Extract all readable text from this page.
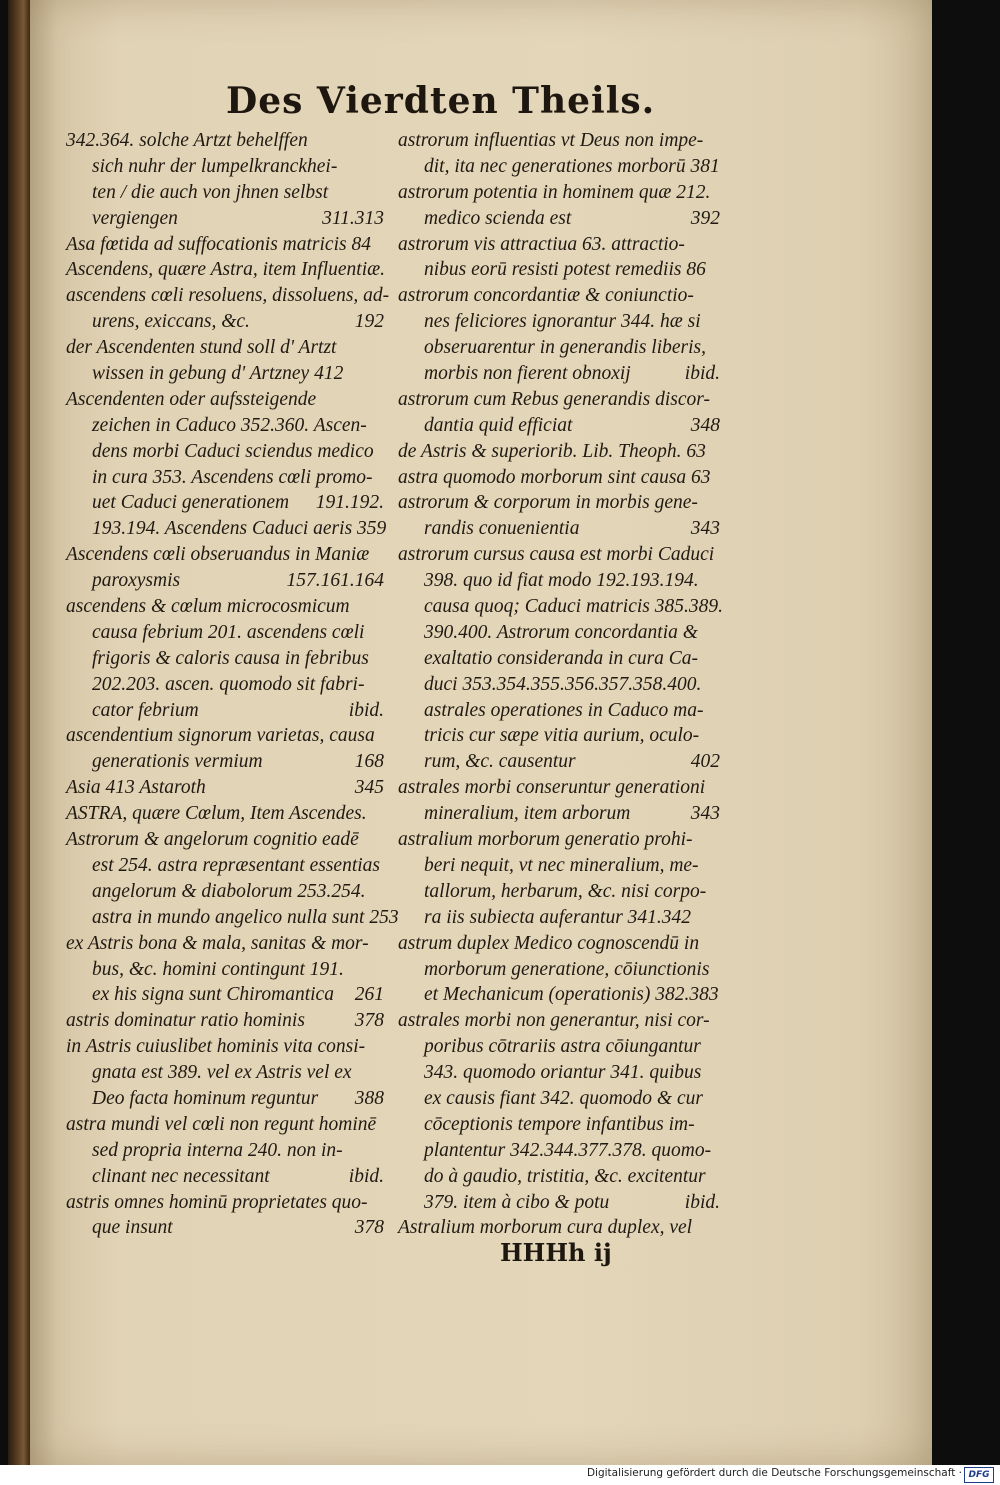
Des Vierdten Theils.
342.364. solche Artzt behelffen
sich nuhr der lumpelkranckhei-
ten / die auch von jhnen selbst
vergiengen	311.313
Asa fœtida ad suffocationis matricis 84
Ascendens, quære Astra, item Influentiæ.
ascendens cœli resoluens, dissoluens, ad-
urens, exiccans, &c.	192
der Ascendenten stund soll d' Artzt
wissen in gebung d' Artzney 412
Ascendenten oder aufssteigende
zeichen in Caduco 352.360. Ascen-
dens morbi Caduci sciendus medico
in cura 353. Ascendens cœli promo-
uet Caduci generationem 191.192.
193.194. Ascendens Caduci aeris 359
Ascendens cœli obseruandus in Maniæ
paroxysmis	157.161.164
ascendens & cœlum microcosmicum
causa febrium 201. ascendens cœli
frigoris & caloris causa in febribus
202.203. ascen. quomodo sit fabri-
cator febrium	ibid.
ascendentium signorum varietas, causa
generationis vermium	168
Asia 413 Astaroth	345
ASTRA, quære Cœlum, Item Ascendes.
Astrorum & angelorum cognitio eadē
est 254. astra repræsentant essentias
angelorum & diabolorum 253.254.
astra in mundo angelico nulla sunt 253
ex Astris bona & mala, sanitas & mor-
bus, &c. homini contingunt 191.
ex his signa sunt Chiromantica 261
astris dominatur ratio hominis	378
in Astris cuiuslibet hominis vita consi-
gnata est 389. vel ex Astris vel ex
Deo facta hominum reguntur 388
astra mundi vel cœli non regunt hominē
sed propria interna 240. non in-
clinant nec necessitant	ibid.
astris omnes hominū proprietates quo-
que insunt	378
astrorum influentias vt Deus non impe-
dit, ita nec generationes morborū 381
astrorum potentia in hominem quæ 212.
medico scienda est	392
astrorum vis attractiua 63. attractio-
nibus eorū resisti potest remediis 86
astrorum concordantiæ & coniunctio-
nes feliciores ignorantur 344. hæ si
obseruarentur in generandis liberis,
morbis non fierent obnoxij	ibid.
astrorum cum Rebus generandis discor-
dantia quid efficiat	348
de Astris & superiorib. Lib. Theoph. 63
astra quomodo morborum sint causa 63
astrorum & corporum in morbis gene-
randis conuenientia	343
astrorum cursus causa est morbi Caduci
398. quo id fiat modo 192.193.194.
causa quoq; Caduci matricis 385.389.
390.400. Astrorum concordantia &
exaltatio consideranda in cura Ca-
duci 353.354.355.356.357.358.400.
astrales operationes in Caduco ma-
tricis cur sæpe vitia aurium, oculo-
rum, &c. causentur	402
astrales morbi conseruntur generationi
mineralium, item arborum	343
astralium morborum generatio prohi-
beri nequit, vt nec mineralium, me-
tallorum, herbarum, &c. nisi corpo-
ra iis subiecta auferantur 341.342
astrum duplex Medico cognoscendū in
morborum generatione, cōiunctionis
et Mechanicum (operationis) 382.383
astrales morbi non generantur, nisi cor-
poribus cōtrariis astra cōiungantur
343. quomodo oriantur 341. quibus
ex causis fiant 342. quomodo & cur
cōceptionis tempore infantibus im-
plantentur 342.344.377.378. quomo-
do à gaudio, tristitia, &c. excitentur
379. item à cibo & potu	ibid.
Astralium morborum cura duplex, vel
HHHh ij
Digitalisierung gefördert durch die Deutsche Forschungsgemeinschaft · DFG
